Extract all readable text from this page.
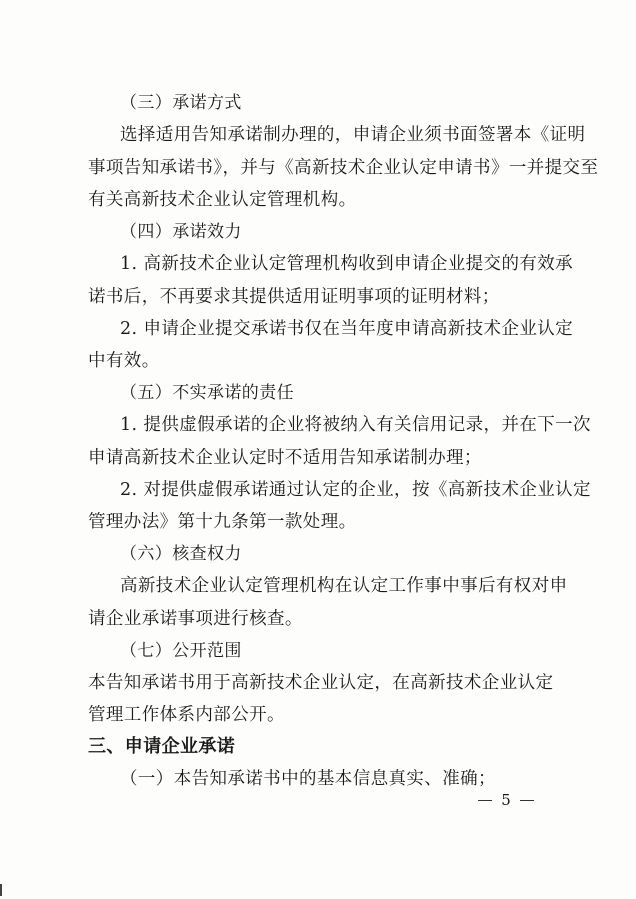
（三）承诺方式
选择适用告知承诺制办理的，申请企业须书面签署本《证明
事项告知承诺书》，并与《高新技术企业认定申请书》一并提交至
有关高新技术企业认定管理机构。
（四）承诺效力
1. 高新技术企业认定管理机构收到申请企业提交的有效承
诺书后，不再要求其提供适用证明事项的证明材料；
2. 申请企业提交承诺书仅在当年度申请高新技术企业认定
中有效。
（五）不实承诺的责任
1. 提供虚假承诺的企业将被纳入有关信用记录，并在下一次
申请高新技术企业认定时不适用告知承诺制办理；
2. 对提供虚假承诺通过认定的企业，按《高新技术企业认定
管理办法》第十九条第一款处理。
（六）核查权力
高新技术企业认定管理机构在认定工作事中事后有权对申
请企业承诺事项进行核查。
（七）公开范围
本告知承诺书用于高新技术企业认定，在高新技术企业认定
管理工作体系内部公开。
三、申请企业承诺
（一）本告知承诺书中的基本信息真实、准确；
5
